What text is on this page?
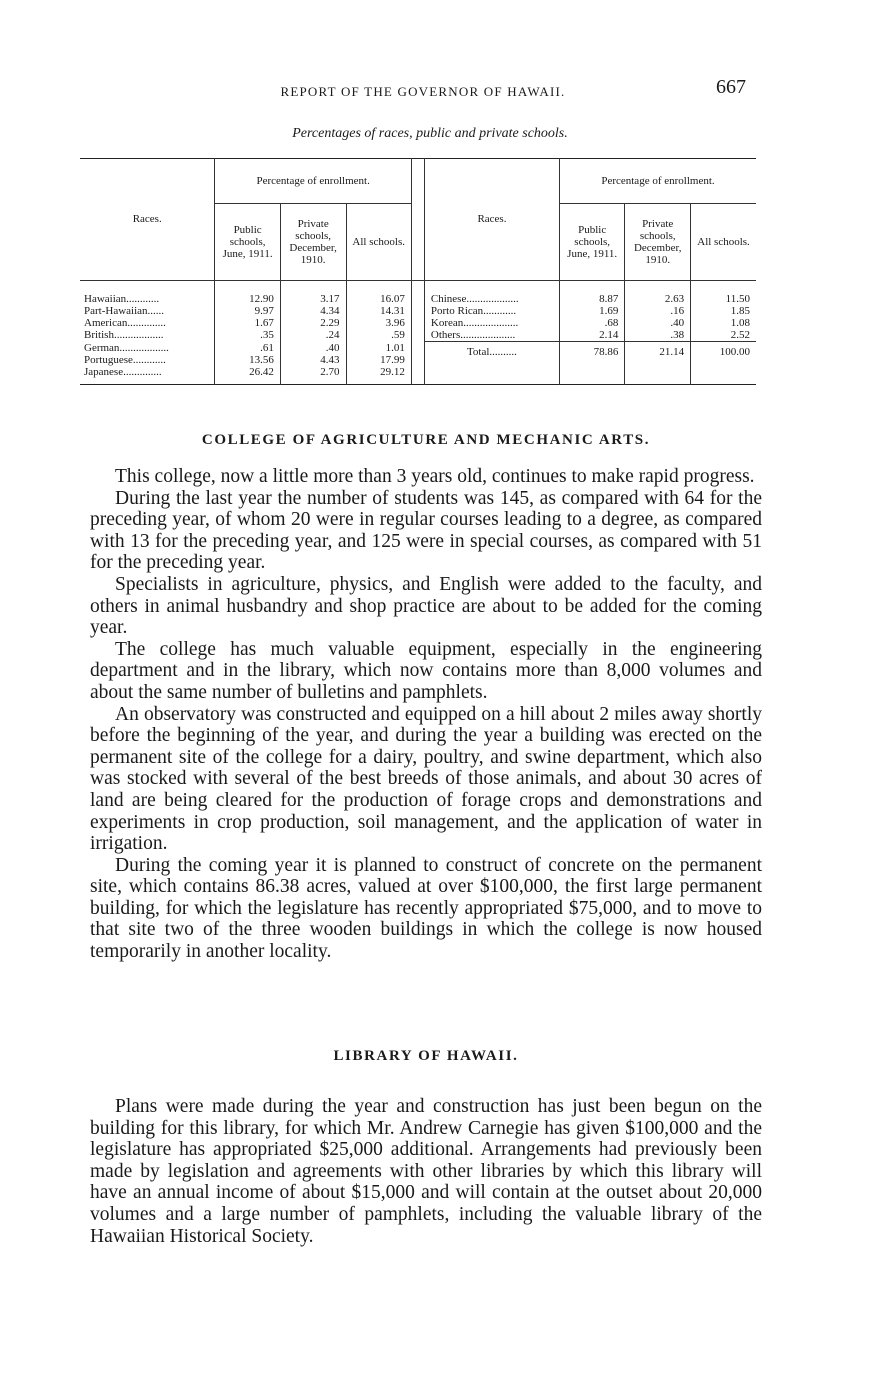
REPORT OF THE GOVERNOR OF HAWAII.	667
Percentages of races, public and private schools.
Races.	Percentage of enrollment.				Races.	Percentage of enrollment.		
	Public schools, June, 1911.	Private schools, December, 1910.	All schools.			Public schools, June, 1911.	Private schools, December, 1910.	All schools.
Hawaiian............	12.90	3.17	16.07		Chinese...................	8.87	2.63	11.50
Part-Hawaiian......	9.97	4.34	14.31		Porto Rican............	1.69	.16	1.85
American..............	1.67	2.29	3.96		Korean....................	.68	.40	1.08
British..................	.35	.24	.59		Others....................	2.14	.38	2.52
German..................	.61	.40	1.01		Total..........	78.86	21.14	100.00
Portuguese............	13.56	4.43	17.99					
Japanese..............	26.42	2.70	29.12					
COLLEGE OF AGRICULTURE AND MECHANIC ARTS.

This college, now a little more than 3 years old, continues to make rapid progress.

During the last year the number of students was 145, as compared with 64 for the preceding year, of whom 20 were in regular courses leading to a degree, as compared with 13 for the preceding year, and 125 were in special courses, as compared with 51 for the preceding year.

Specialists in agriculture, physics, and English were added to the faculty, and others in animal husbandry and shop practice are about to be added for the coming year.

The college has much valuable equipment, especially in the engineering department and in the library, which now contains more than 8,000 volumes and about the same number of bulletins and pamphlets.

An observatory was constructed and equipped on a hill about 2 miles away shortly before the beginning of the year, and during the year a building was erected on the permanent site of the college for a dairy, poultry, and swine department, which also was stocked with several of the best breeds of those animals, and about 30 acres of land are being cleared for the production of forage crops and demonstrations and experiments in crop production, soil management, and the application of water in irrigation.

During the coming year it is planned to construct of concrete on the permanent site, which contains 86.38 acres, valued at over $100,000, the first large permanent building, for which the legislature has recently appropriated $75,000, and to move to that site two of the three wooden buildings in which the college is now housed temporarily in another locality.

LIBRARY OF HAWAII.

Plans were made during the year and construction has just been begun on the building for this library, for which Mr. Andrew Carnegie has given $100,000 and the legislature has appropriated $25,000 additional. Arrangements had previously been made by legislation and agreements with other libraries by which this library will have an annual income of about $15,000 and will contain at the outset about 20,000 volumes and a large number of pamphlets, including the valuable library of the Hawaiian Historical Society.
